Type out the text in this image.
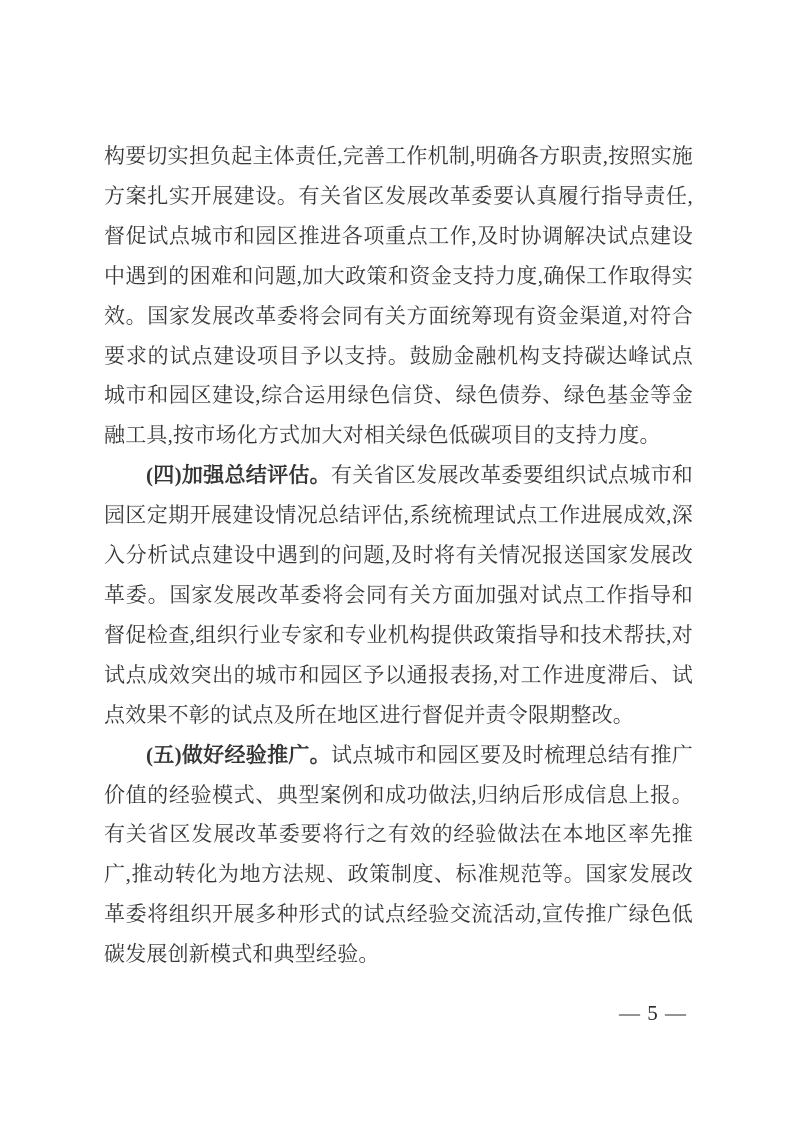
构要切实担负起主体责任,完善工作机制,明确各方职责,按照实施方案扎实开展建设。有关省区发展改革委要认真履行指导责任,督促试点城市和园区推进各项重点工作,及时协调解决试点建设中遇到的困难和问题,加大政策和资金支持力度,确保工作取得实效。国家发展改革委将会同有关方面统筹现有资金渠道,对符合要求的试点建设项目予以支持。鼓励金融机构支持碳达峰试点城市和园区建设,综合运用绿色信贷、绿色债券、绿色基金等金融工具,按市场化方式加大对相关绿色低碳项目的支持力度。

(四)加强总结评估。有关省区发展改革委要组织试点城市和园区定期开展建设情况总结评估,系统梳理试点工作进展成效,深入分析试点建设中遇到的问题,及时将有关情况报送国家发展改革委。国家发展改革委将会同有关方面加强对试点工作指导和督促检查,组织行业专家和专业机构提供政策指导和技术帮扶,对试点成效突出的城市和园区予以通报表扬,对工作进度滞后、试点效果不彰的试点及所在地区进行督促并责令限期整改。

(五)做好经验推广。试点城市和园区要及时梳理总结有推广价值的经验模式、典型案例和成功做法,归纳后形成信息上报。有关省区发展改革委要将行之有效的经验做法在本地区率先推广,推动转化为地方法规、政策制度、标准规范等。国家发展改革委将组织开展多种形式的试点经验交流活动,宣传推广绿色低碳发展创新模式和典型经验。

— 5 —
